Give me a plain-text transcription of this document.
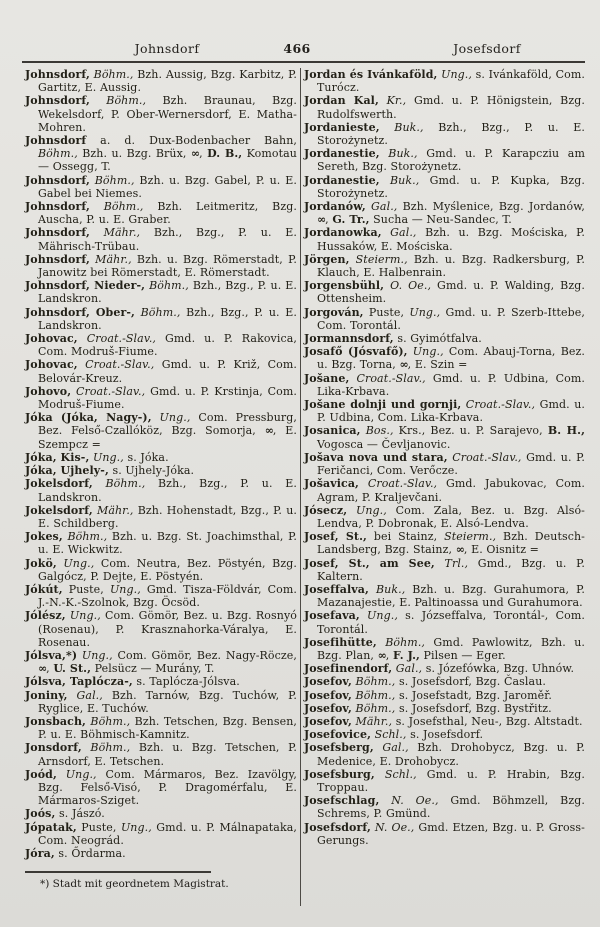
Johnsdorf	466	Josefsdorf

Johnsdorf, Böhm., Bzh. Aussig, Bzg. Karbitz, P. Gartitz, E. Aussig.

Johnsdorf, Böhm., Bzh. Braunau, Bzg. Wekelsdorf, P. Ober-Wernersdorf, E. Matha-Mohren.

Johnsdorf a. d. Dux-Bodenbacher Bahn, Böhm., Bzh. u. Bzg. Brüx, ∞, D. B., Komotau — Ossegg, T.

Johnsdorf, Böhm., Bzh. u. Bzg. Gabel, P. u. E. Gabel bei Niemes.

Johnsdorf, Böhm., Bzh. Leitmeritz, Bzg. Auscha, P. u. E. Graber.

Johnsdorf, Mähr., Bzh., Bzg., P. u. E. Mährisch-Trübau.

Johnsdorf, Mähr., Bzh. u. Bzg. Römerstadt, P. Janowitz bei Römerstadt, E. Römerstadt.

Johnsdorf, Nieder-, Böhm., Bzh., Bzg., P. u. E. Landskron.

Johnsdorf, Ober-, Böhm., Bzh., Bzg., P. u. E. Landskron.

Johovac, Croat.-Slav., Gmd. u. P. Rakovica, Com. Modruš-Fiume.

Johovac, Croat.-Slav., Gmd. u. P. Križ, Com. Belovár-Kreuz.

Johovo, Croat.-Slav., Gmd. u. P. Krstinja, Com. Modruš-Fiume.

Jóka (Jóka, Nagy-), Ung., Com. Pressburg, Bez. Felső-Czallóköz, Bzg. Somorja, ∞, E. Szempcz =

Jóka, Kis-, Ung., s. Jóka.

Jóka, Ujhely-, s. Ujhely-Jóka.

Jokelsdorf, Böhm., Bzh., Bzg., P. u. E. Landskron.

Jokelsdorf, Mähr., Bzh. Hohenstadt, Bzg., P. u. E. Schildberg.

Jokes, Böhm., Bzh. u. Bzg. St. Joachimsthal, P. u. E. Wickwitz.

Jokö, Ung., Com. Neutra, Bez. Pöstyén, Bzg. Galgócz, P. Dejte, E. Pöstyén.

Jókút, Puste, Ung., Gmd. Tisza-Földvár, Com. J.-N.-K.-Szolnok, Bzg. Öcsöd.

Jólész, Ung., Com. Gömör, Bez. u. Bzg. Rosnyó (Rosenau), P. Krasznahorka-Váralya, E. Rosenau.

Jólsva,*) Ung., Com. Gömör, Bez. Nagy-Röcze, ∞, U. St., Pelsücz — Murány, T.

Jólsva, Taplócza-, s. Taplócza-Jólsva.

Joniny, Gal., Bzh. Tarnów, Bzg. Tuchów, P. Ryglice, E. Tuchów.

Jonsbach, Böhm., Bzh. Tetschen, Bzg. Bensen, P. u. E. Böhmisch-Kamnitz.

Jonsdorf, Böhm., Bzh. u. Bzg. Tetschen, P. Arnsdorf, E. Tetschen.

Joód, Ung., Com. Mármaros, Bez. Izavölgy, Bzg. Felső-Visó, P. Dragomérfalu, E. Mármaros-Sziget.

Joós, s. Jászó.

Jópatak, Puste, Ung., Gmd. u. P. Málnapataka, Com. Neográd.

Jóra, s. Őrdarma.

*) Stadt mit geordnetem Magistrat.

Jordan és Ivánkaföld, Ung., s. Ivánkaföld, Com. Turócz.

Jordan Kal, Kr., Gmd. u. P. Hönigstein, Bzg. Rudolfswerth.

Jordanieste, Buk., Bzh., Bzg., P. u. E. Storożynetz.

Jordanestie, Buk., Gmd. u. P. Karapcziu am Sereth, Bzg. Storożynetz.

Jordanestie, Buk., Gmd. u. P. Kupka, Bzg. Storożynetz.

Jordanów, Gal., Bzh. Myślenice, Bzg. Jordanów, ∞, G. Tr., Sucha — Neu-Sandec, T.

Jordanowka, Gal., Bzh. u. Bzg. Mościska, P. Hussaków, E. Mościska.

Jörgen, Steierm., Bzh. u. Bzg. Radkersburg, P. Klauch, E. Halbenrain.

Jorgensbühl, O. Oe., Gmd. u. P. Walding, Bzg. Ottensheim.

Jorgován, Puste, Ung., Gmd. u. P. Szerb-Ittebe, Com. Torontál.

Jormannsdorf, s. Gyimótfalva.

Josafő (Jósvafő), Ung., Com. Abauj-Torna, Bez. u. Bzg. Torna, ∞, E. Szin =

Jošane, Croat.-Slav., Gmd. u. P. Udbina, Com. Lika-Krbava.

Jošane dolnji und gornji, Croat.-Slav., Gmd. u. P. Udbina, Com. Lika-Krbava.

Josanica, Bos., Krs., Bez. u. P. Sarajevo, B. H., Vogosca — Čevljanovic.

Jošava nova und stara, Croat.-Slav., Gmd. u. P. Feričanci, Com. Verőcze.

Jošavica, Croat.-Slav., Gmd. Jabukovac, Com. Agram, P. Kraljevčani.

Jósecz, Ung., Com. Zala, Bez. u. Bzg. Alsó-Lendva, P. Dobronak, E. Alsó-Lendva.

Josef, St., bei Stainz, Steierm., Bzh. Deutsch-Landsberg, Bzg. Stainz, ∞, E. Oisnitz =

Josef, St., am See, Trl., Gmd., Bzg. u. P. Kaltern.

Joseffalva, Buk., Bzh. u. Bzg. Gurahumora, P. Mazanajestie, E. Paltinoassa und Gurahumora.

Josefava, Ung., s. Józseffalva, Torontál-, Com. Torontál.

Josefihütte, Böhm., Gmd. Pawlowitz, Bzh. u. Bzg. Plan, ∞, F. J., Pilsen — Eger.

Josefinendorf, Gal., s. Józefówka, Bzg. Uhnów.

Josefov, Böhm., s. Josefsdorf, Bzg. Časlau.

Josefov, Böhm., s. Josefstadt, Bzg. Jaroměř.

Josefov, Böhm., s. Josefsdorf, Bzg. Bystřitz.

Josefov, Mähr., s. Josefsthal, Neu-, Bzg. Altstadt.

Josefovice, Schl., s. Josefsdorf.

Josefsberg, Gal., Bzh. Drohobycz, Bzg. u. P. Medenice, E. Drohobycz.

Josefsburg, Schl., Gmd. u. P. Hrabin, Bzg. Troppau.

Josefschlag, N. Oe., Gmd. Böhmzell, Bzg. Schrems, P. Gmünd.

Josefsdorf, N. Oe., Gmd. Etzen, Bzg. u. P. Gross-Gerungs.
